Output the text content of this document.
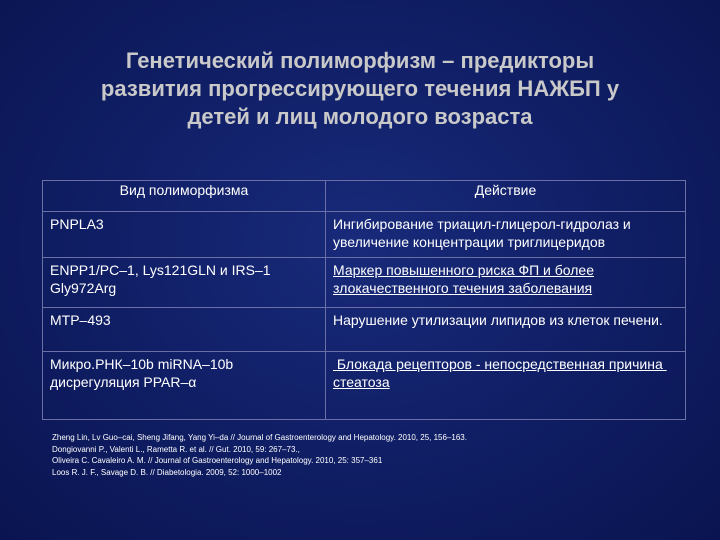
Генетический полиморфизм – предикторы
развития прогрессирующего течения НАЖБП у
детей и лиц молодого возраста
Вид полиморфизма	Действие
PNPLA3	Ингибирование триацил-глицерол-гидролаз и увеличение концентрации триглицеридов
ENPP1/PC–1, Lys121GLN и IRS–1 Gly972Arg	Маркер повышенного риска ФП и более злокачественного течения заболевания
MTP–493	Нарушение утилизации липидов из клеток печени.
Микро.РНК–10b miRNA–10b дисрегуляция PPAR–α	Блокада рецепторов - непосредственная причина стеатоза
Zheng Lin, Lv Guo–cai, Sheng Jifang, Yang Yi–da // Journal of Gastroenterology and Hepatology. 2010, 25, 156–163.
Dongiovanni P., Valenti L., Rametta R. et al. // Gut. 2010, 59: 267–73.,
Oliveira C. Cavaleiro A. M. // Journal of Gastroenterology and Hepatology. 2010, 25: 357–361
Loos R. J. F., Savage D. B. // Diabetologia. 2009, 52: 1000–1002
